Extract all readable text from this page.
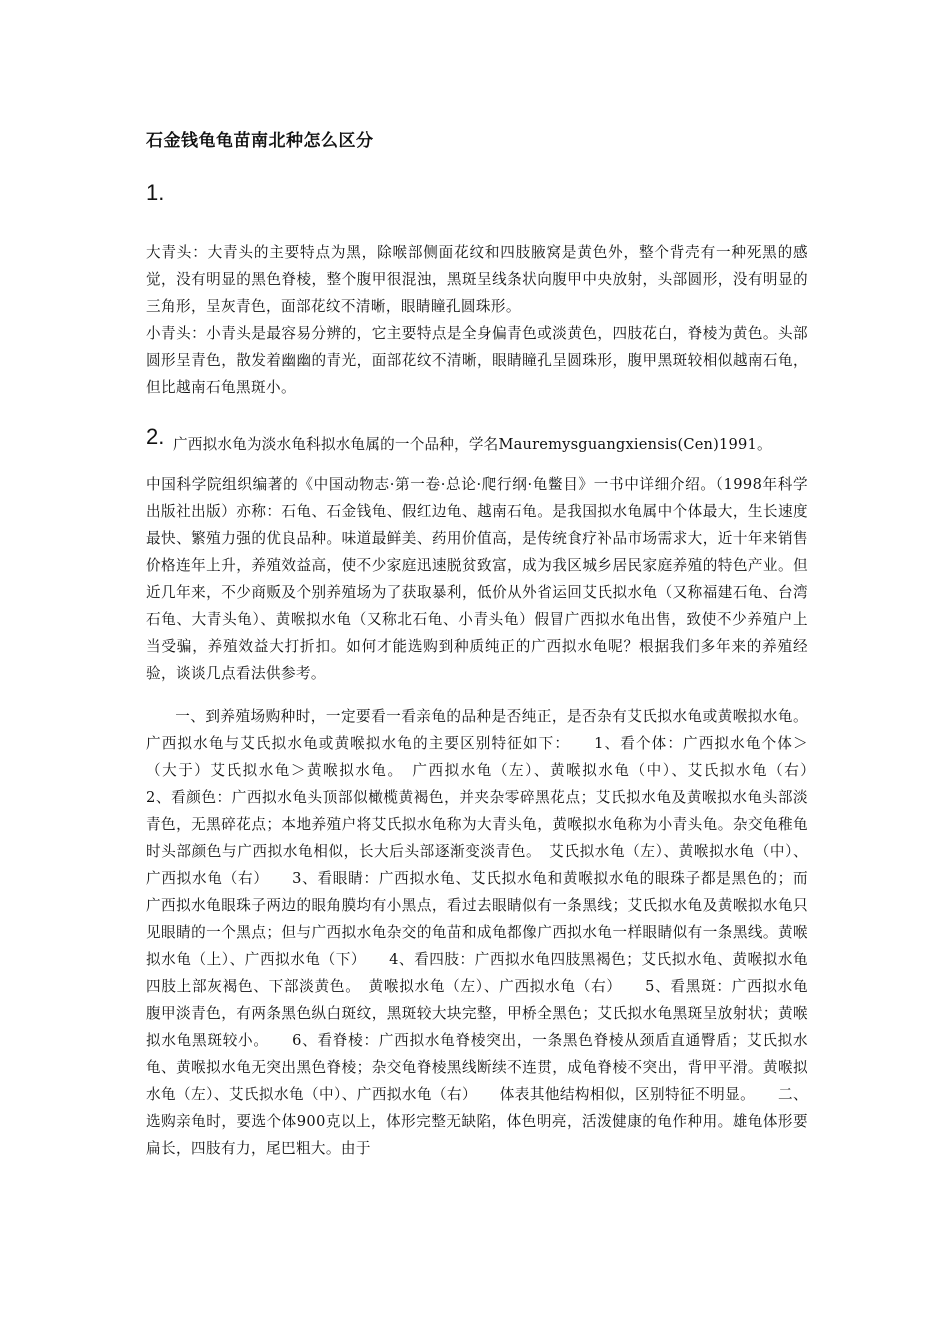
石金钱龟龟苗南北种怎么区分
1.

大青头：大青头的主要特点为黑，除喉部侧面花纹和四肢腋窝是黄色外，整个背壳有一种死黑的感觉，没有明显的黑色脊棱，整个腹甲很混浊，黑斑呈线条状向腹甲中央放射，头部圆形，没有明显的三角形，呈灰青色，面部花纹不清晰，眼睛瞳孔圆珠形。

小青头：小青头是最容易分辨的，它主要特点是全身偏青色或淡黄色，四肢花白，脊棱为黄色。头部圆形呈青色，散发着幽幽的青光，面部花纹不清晰，眼睛瞳孔呈圆珠形，腹甲黑斑较相似越南石龟，但比越南石龟黑斑小。

2. 广西拟水龟为淡水龟科拟水龟属的一个品种，学名Mauremysguangxiensis(Cen)1991。

中国科学院组织编著的《中国动物志·第一卷·总论·爬行纲·龟鳖目》一书中详细介绍。（1998年科学出版社出版）亦称：石龟、石金钱龟、假红边龟、越南石龟。是我国拟水龟属中个体最大，生长速度最快、繁殖力强的优良品种。味道最鲜美、药用价值高，是传统食疗补品市场需求大，近十年来销售价格连年上升，养殖效益高，使不少家庭迅速脱贫致富，成为我区城乡居民家庭养殖的特色产业。但近几年来，不少商贩及个别养殖场为了获取暴利，低价从外省运回艾氏拟水龟（又称福建石龟、台湾石龟、大青头龟）、黄喉拟水龟（又称北石龟、小青头龟）假冒广西拟水龟出售，致使不少养殖户上当受骗，养殖效益大打折扣。如何才能选购到种质纯正的广西拟水龟呢？根据我们多年来的养殖经验，谈谈几点看法供参考。

一、到养殖场购种时，一定要看一看亲龟的品种是否纯正，是否杂有艾氏拟水龟或黄喉拟水龟。广西拟水龟与艾氏拟水龟或黄喉拟水龟的主要区别特征如下：　　1、看个体：广西拟水龟个体＞（大于）艾氏拟水龟＞黄喉拟水龟。　广西拟水龟（左）、黄喉拟水龟（中）、艾氏拟水龟（右）　　2、看颜色：广西拟水龟头顶部似橄榄黄褐色，并夹杂零碎黑花点；艾氏拟水龟及黄喉拟水龟头部淡青色，无黑碎花点；本地养殖户将艾氏拟水龟称为大青头龟，黄喉拟水龟称为小青头龟。杂交龟稚龟时头部颜色与广西拟水龟相似，长大后头部逐渐变淡青色。　艾氏拟水龟（左）、黄喉拟水龟（中）、广西拟水龟（右）　　3、看眼睛：广西拟水龟、艾氏拟水龟和黄喉拟水龟的眼珠子都是黑色的；而广西拟水龟眼珠子两边的眼角膜均有小黑点，看过去眼睛似有一条黑线；艾氏拟水龟及黄喉拟水龟只见眼睛的一个黑点；但与广西拟水龟杂交的龟苗和成龟都像广西拟水龟一样眼睛似有一条黑线。黄喉拟水龟（上）、广西拟水龟（下）　　4、看四肢：广西拟水龟四肢黑褐色；艾氏拟水龟、黄喉拟水龟四肢上部灰褐色、下部淡黄色。　黄喉拟水龟（左）、广西拟水龟（右）　　5、看黑斑：广西拟水龟腹甲淡青色，有两条黑色纵白斑纹，黑斑较大块完整，甲桥全黑色；艾氏拟水龟黑斑呈放射状；黄喉拟水龟黑斑较小。　　6、看脊棱：广西拟水龟脊棱突出，一条黑色脊棱从颈盾直通臀盾；艾氏拟水龟、黄喉拟水龟无突出黑色脊棱；杂交龟脊棱黑线断续不连贯，成龟脊棱不突出，背甲平滑。黄喉拟水龟（左）、艾氏拟水龟（中）、广西拟水龟（右）　　体表其他结构相似，区别特征不明显。　　二、选购亲龟时，要选个体900克以上，体形完整无缺陷，体色明亮，活泼健康的龟作种用。雄龟体形要扁长，四肢有力，尾巴粗大。由于
